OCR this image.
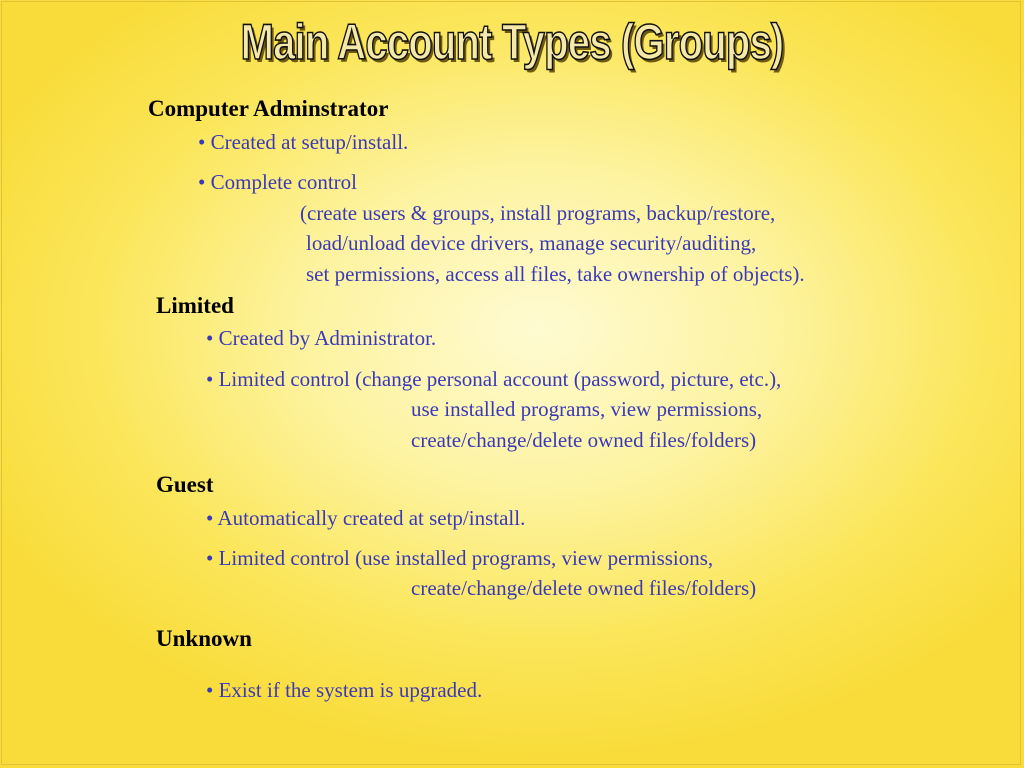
Main Account Types (Groups)
Computer Adminstrator
• Created at setup/install.
• Complete control
(create users & groups, install programs, backup/restore,
load/unload device drivers, manage security/auditing,
set permissions, access all files, take ownership of objects).
Limited
• Created by Administrator.
• Limited control (change personal account (password, picture, etc.),
use installed programs, view permissions,
create/change/delete owned files/folders)
Guest
• Automatically created at setp/install.
• Limited control (use installed programs, view permissions,
create/change/delete owned files/folders)
Unknown
• Exist if the system is upgraded.
